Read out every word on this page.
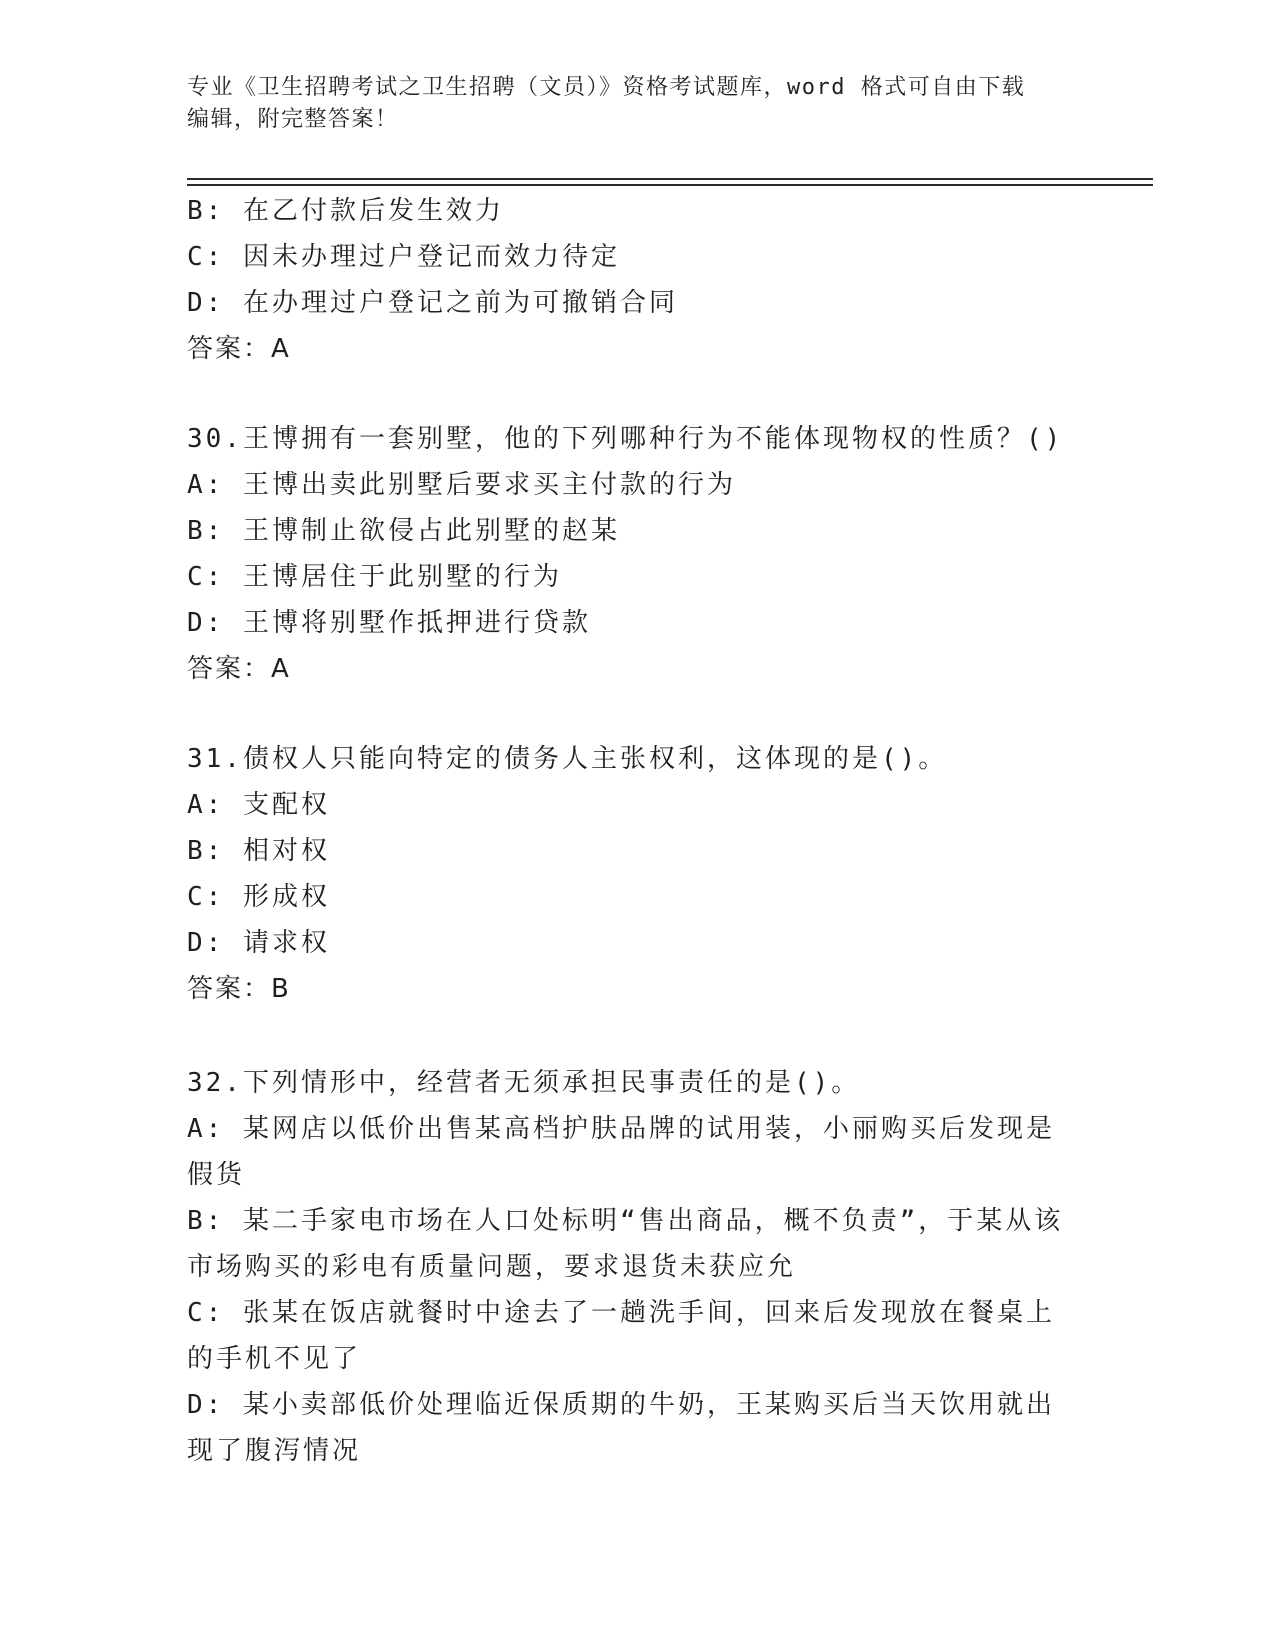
专业《卫生招聘考试之卫生招聘（文员）》资格考试题库，word 格式可自由下载
编辑，附完整答案！
B: 在乙付款后发生效力
C: 因未办理过户登记而效力待定
D: 在办理过户登记之前为可撤销合同
答案：A
30.王博拥有一套别墅，他的下列哪种行为不能体现物权的性质？()
A: 王博出卖此别墅后要求买主付款的行为
B: 王博制止欲侵占此别墅的赵某
C: 王博居住于此别墅的行为
D: 王博将别墅作抵押进行贷款
答案：A
31.债权人只能向特定的债务人主张权利，这体现的是()。
A: 支配权
B: 相对权
C: 形成权
D: 请求权
答案：B
32.下列情形中，经营者无须承担民事责任的是()。
A: 某网店以低价出售某高档护肤品牌的试用装，小丽购买后发现是假货
B: 某二手家电市场在人口处标明“售出商品，概不负责”，于某从该市场购买的彩电有质量问题，要求退货未获应允
C: 张某在饭店就餐时中途去了一趟洗手间，回来后发现放在餐桌上的手机不见了
D: 某小卖部低价处理临近保质期的牛奶，王某购买后当天饮用就出现了腹泻情况
